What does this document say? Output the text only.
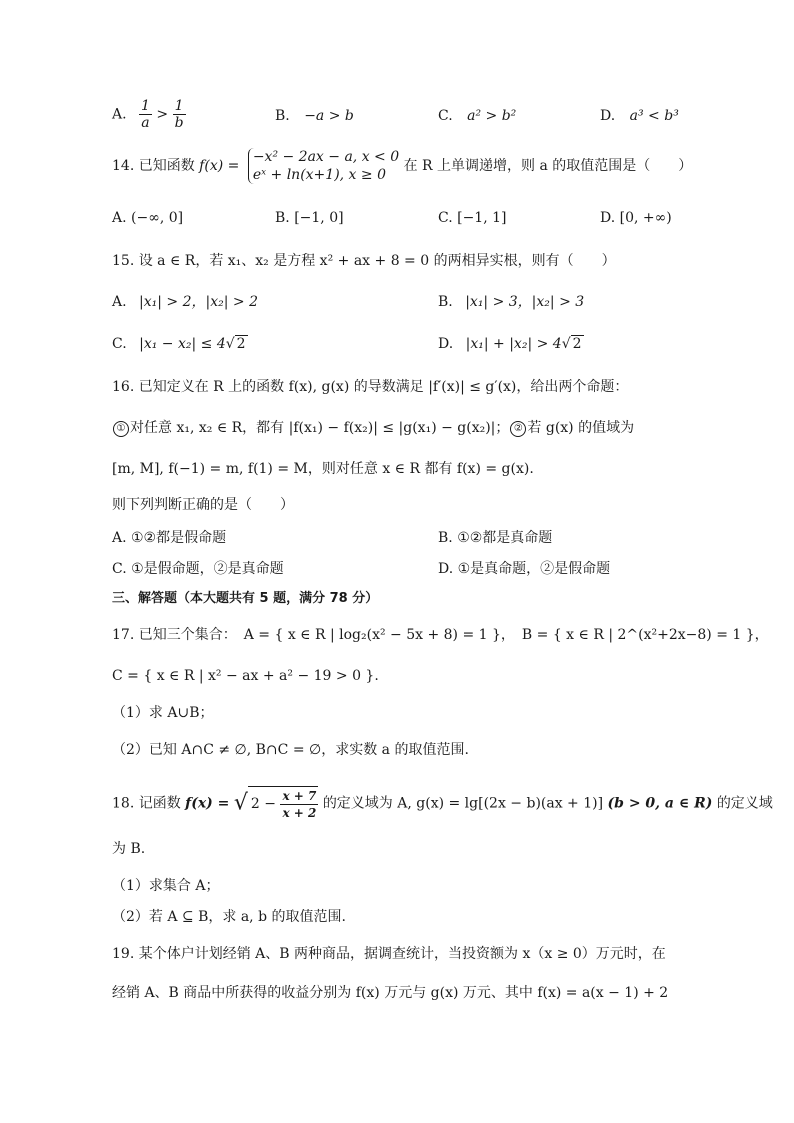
A. $\frac{1}{a} > \frac{1}{b}$	B. −a > b	C. a² > b²	D. a³ < b³
14. 已知函数 f(x) =
−x² − 2ax − a, x < 0
eˣ + ln(x+1), x ≥ 0
在 R 上单调递增，则 a 的取值范围是（　　）
A. (−∞, 0]	B. [−1, 0]	C. [−1, 1]	D. [0, +∞)
15. 设 a ∈ R，若 x₁、x₂ 是方程 x² + ax + 8 = 0 的两相异实根，则有（　　）
A. |x₁| > 2，|x₂| > 2	B. |x₁| > 3，|x₂| > 3
C. |x₁ − x₂| ≤ 4√ 2	D. |x₁| + |x₂| > 4√ 2
16. 已知定义在 R 上的函数 f(x), g(x) 的导数满足 |f′(x)| ≤ g′(x)，给出两个命题：
① 对任意 x₁, x₂ ∈ R，都有 |f(x₁) − f(x₂)| ≤ |g(x₁) − g(x₂)|； ② 若 g(x) 的值域为
[m, M], f(−1) = m, f(1) = M，则对任意 x ∈ R 都有 f(x) = g(x).
则下列判断正确的是（　　）
A. ①②都是假命题	B. ①②都是真命题
C. ①是假命题，②是真命题	D. ①是真命题，②是假命题
三、解答题（本大题共有 5 题，满分 78 分）
17. 已知三个集合：　A = { x ∈ R | log₂(x² − 5x + 8) = 1 }，　B = { x ∈ R | 2^(x²+2x−8) = 1 }，
C = { x ∈ R | x² − ax + a² − 19 > 0 }.
（1）求 A∪B；
（2）已知 A∩C ≠ ∅, B∩C = ∅，求实数 a 的取值范围.
18. 记函数 f(x) = √ $2 - \frac{x + 7}{x + 2}$ 的定义域为 A, g(x) = lg[(2x − b)(ax + 1)] (b > 0, a ∈ R) 的定义域
为 B.
（1）求集合 A；
（2）若 A ⊆ B，求 a, b 的取值范围.
19. 某个体户计划经销 A、B 两种商品，据调查统计，当投资额为 x（x ≥ 0）万元时，在
经销 A、B 商品中所获得的收益分别为 f(x) 万元与 g(x) 万元、其中 f(x) = a(x − 1) + 2
